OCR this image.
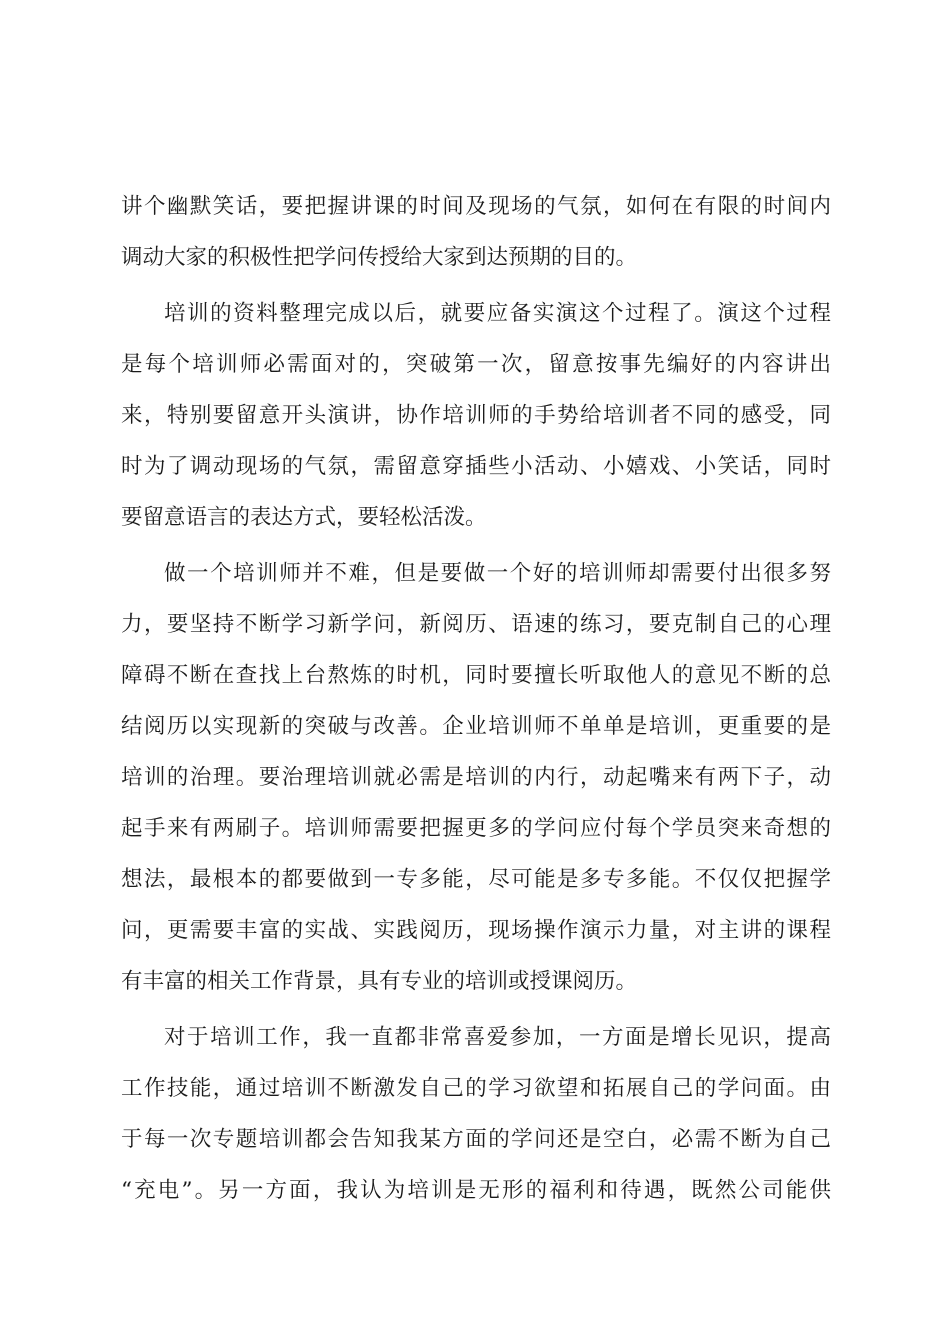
讲个幽默笑话，要把握讲课的时间及现场的气氛，如何在有限的时间内
调动大家的积极性把学问传授给大家到达预期的目的。
培训的资料整理完成以后，就要应备实演这个过程了。演这个过程
是每个培训师必需面对的，突破第一次，留意按事先编好的内容讲出
来，特别要留意开头演讲，协作培训师的手势给培训者不同的感受，同
时为了调动现场的气氛，需留意穿插些小活动、小嬉戏、小笑话，同时
要留意语言的表达方式，要轻松活泼。
做一个培训师并不难，但是要做一个好的培训师却需要付出很多努
力，要坚持不断学习新学问，新阅历、语速的练习，要克制自己的心理
障碍不断在查找上台熬炼的时机，同时要擅长听取他人的意见不断的总
结阅历以实现新的突破与改善。企业培训师不单单是培训，更重要的是
培训的治理。要治理培训就必需是培训的内行，动起嘴来有两下子，动
起手来有两刷子。培训师需要把握更多的学问应付每个学员突来奇想的
想法，最根本的都要做到一专多能，尽可能是多专多能。不仅仅把握学
问，更需要丰富的实战、实践阅历，现场操作演示力量，对主讲的课程
有丰富的相关工作背景，具有专业的培训或授课阅历。
对于培训工作，我一直都非常喜爱参加，一方面是增长见识，提高
工作技能，通过培训不断激发自己的学习欲望和拓展自己的学问面。由
于每一次专题培训都会告知我某方面的学问还是空白，必需不断为自己
“充电”。另一方面，我认为培训是无形的福利和待遇，既然公司能供
